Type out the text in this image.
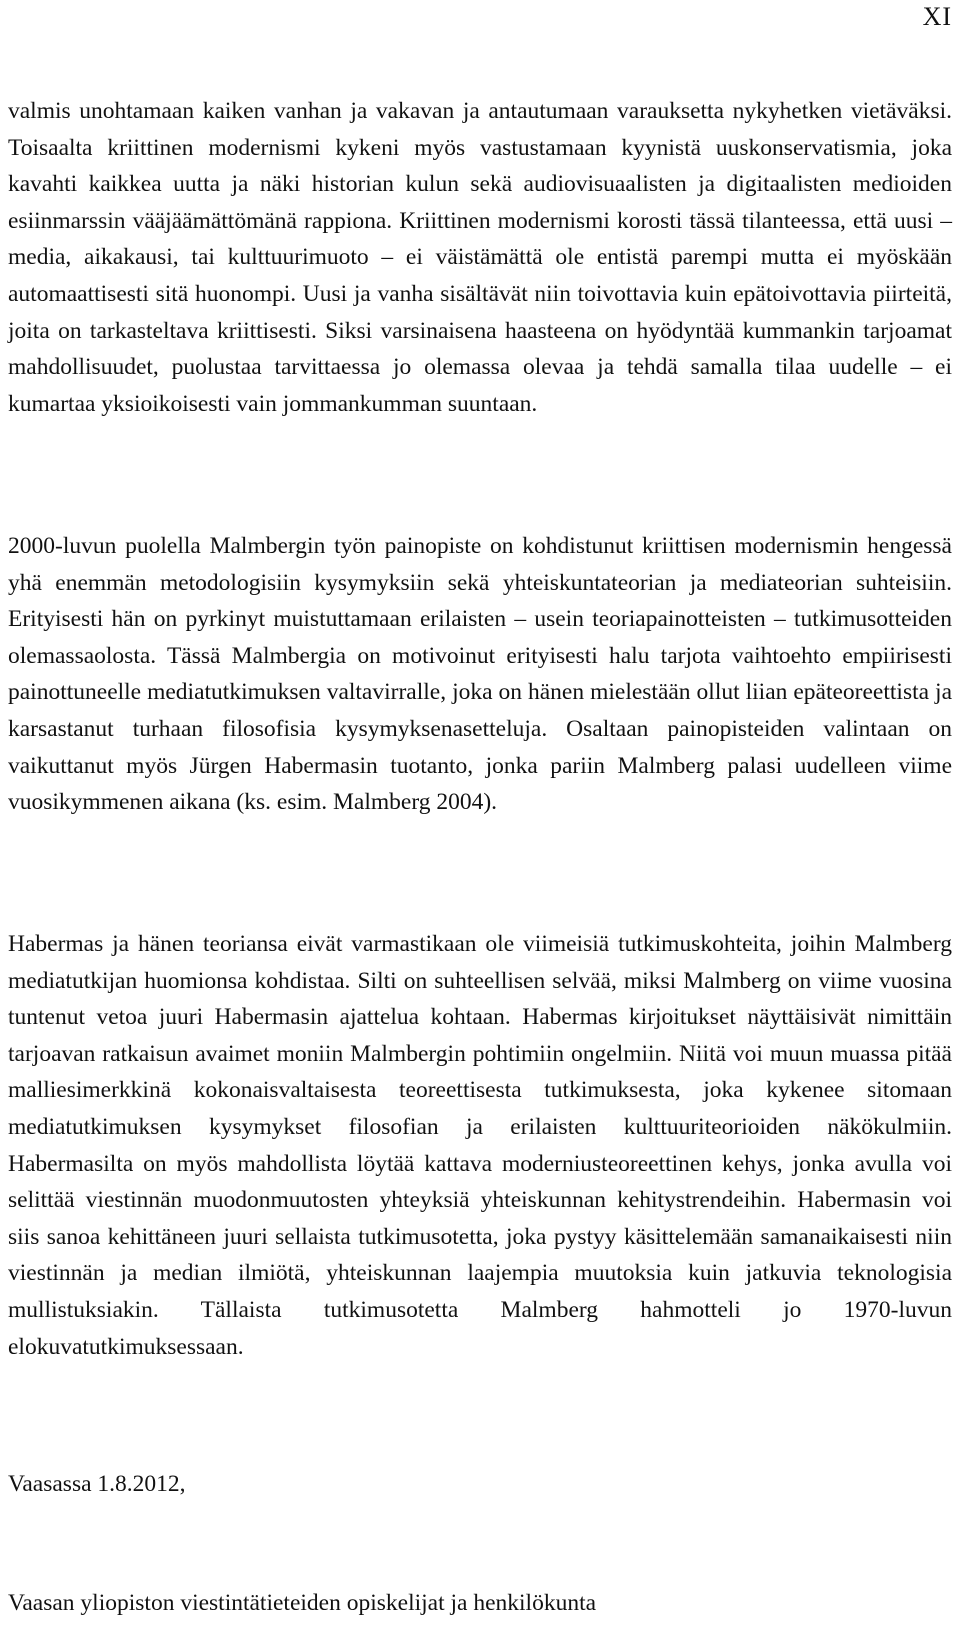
XI

valmis unohtamaan kaiken vanhan ja vakavan ja antautumaan varauksetta nykyhetken vietäväksi. Toisaalta kriittinen modernismi kykeni myös vastustamaan kyynistä uuskonservatismia, joka kavahti kaikkea uutta ja näki historian kulun sekä audiovisuaalisten ja digitaalisten medioiden esiinmarssin vääjäämättömänä rappiona. Kriittinen modernismi korosti tässä tilanteessa, että uusi – media, aikakausi, tai kulttuurimuoto – ei väistämättä ole entistä parempi mutta ei myöskään automaattisesti sitä huonompi. Uusi ja vanha sisältävät niin toivottavia kuin epätoivottavia piirteitä, joita on tarkasteltava kriittisesti. Siksi varsinaisena haasteena on hyödyntää kummankin tarjoamat mahdollisuudet, puolustaa tarvittaessa jo olemassa olevaa ja tehdä samalla tilaa uudelle – ei kumartaa yksioikoisesti vain jommankumman suuntaan.

2000-luvun puolella Malmbergin työn painopiste on kohdistunut kriittisen modernismin hengessä yhä enemmän metodologisiin kysymyksiin sekä yhteiskuntateorian ja mediateorian suhteisiin. Erityisesti hän on pyrkinyt muistuttamaan erilaisten – usein teoriapainotteisten – tutkimusotteiden olemassaolosta. Tässä Malmbergia on motivoinut erityisesti halu tarjota vaihtoehto empiirisesti painottuneelle mediatutkimuksen valtavirralle, joka on hänen mielestään ollut liian epäteoreettista ja karsastanut turhaan filosofisia kysymyksenasetteluja. Osaltaan painopisteiden valintaan on vaikuttanut myös Jürgen Habermasin tuotanto, jonka pariin Malmberg palasi uudelleen viime vuosikymmenen aikana (ks. esim. Malmberg 2004).

Habermas ja hänen teoriansa eivät varmastikaan ole viimeisiä tutkimuskohteita, joihin Malmberg mediatutkijan huomionsa kohdistaa. Silti on suhteellisen selvää, miksi Malmberg on viime vuosina tuntenut vetoa juuri Habermasin ajattelua kohtaan. Habermas kirjoitukset näyttäisivät nimittäin tarjoavan ratkaisun avaimet moniin Malmbergin pohtimiin ongelmiin. Niitä voi muun muassa pitää malliesimerkkinä kokonaisvaltaisesta teoreettisesta tutkimuksesta, joka kykenee sitomaan mediatutkimuksen kysymykset filosofian ja erilaisten kulttuuriteorioiden näkökulmiin. Habermasilta on myös mahdollista löytää kattava moderniusteoreettinen kehys, jonka avulla voi selittää viestinnän muodonmuutosten yhteyksiä yhteiskunnan kehitystrendeihin. Habermasin voi siis sanoa kehittäneen juuri sellaista tutkimusotetta, joka pystyy käsittelemään samanaikaisesti niin viestinnän ja median ilmiötä, yhteiskunnan laajempia muutoksia kuin jatkuvia teknologisia mullistuksiakin. Tällaista tutkimusotetta Malmberg hahmotteli jo 1970-luvun elokuvatutkimuksessaan.

Vaasassa 1.8.2012,

Vaasan yliopiston viestintätieteiden opiskelijat ja henkilökunta
